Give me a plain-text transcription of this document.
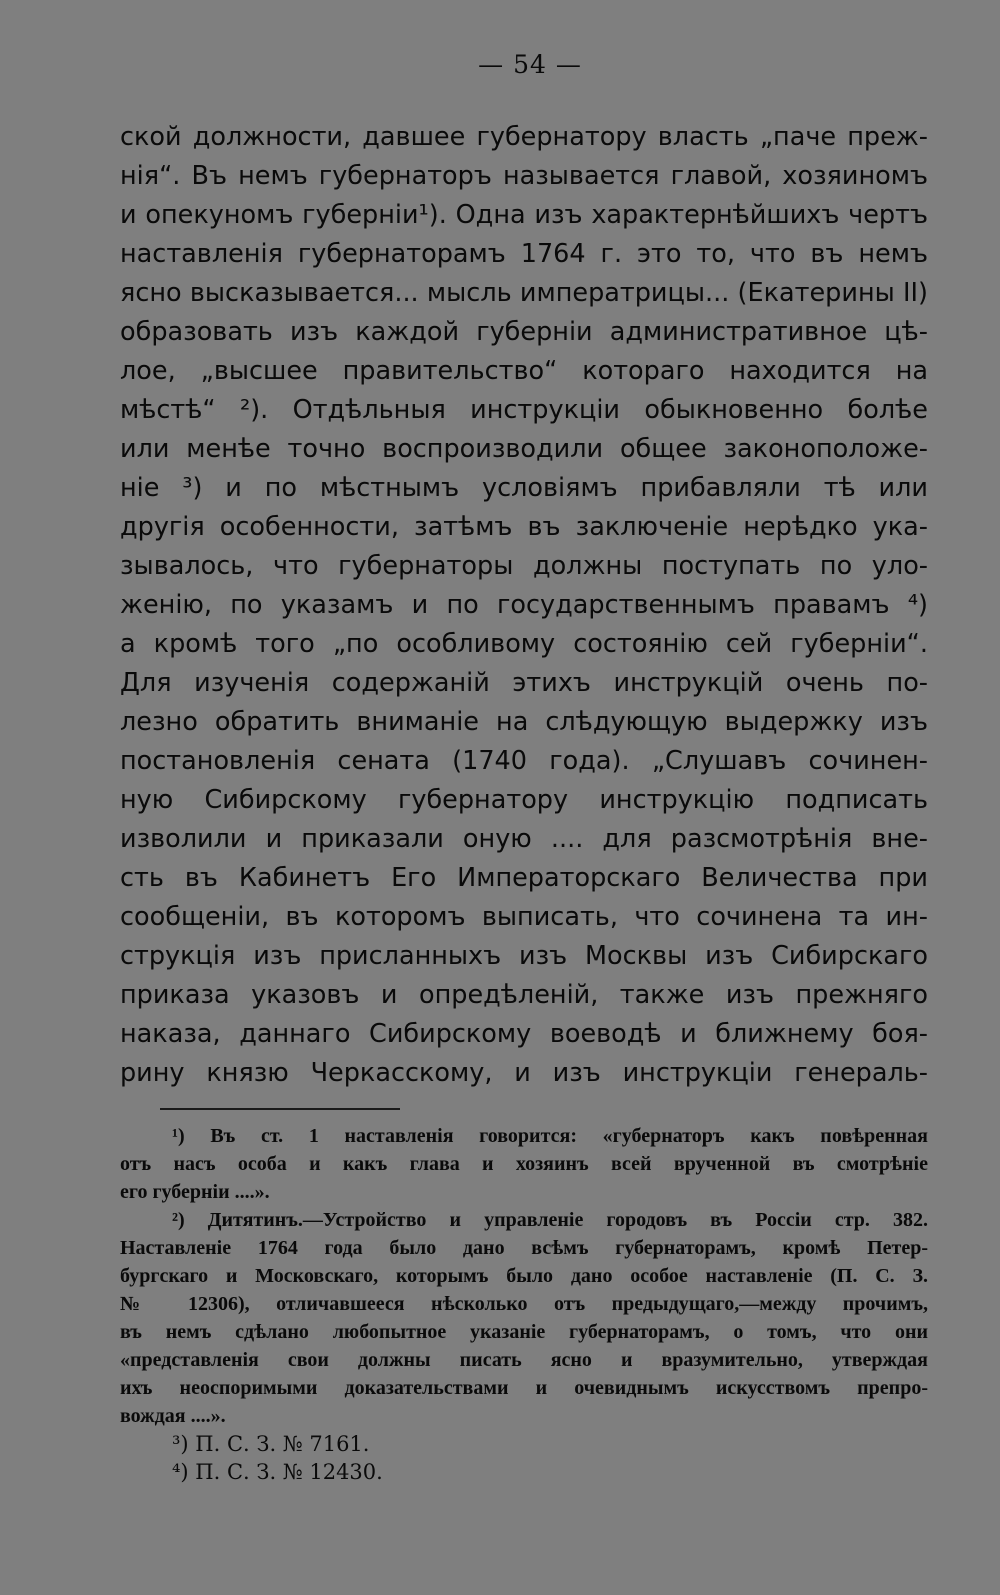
— 54 —
ской должности, давшее губернатору власть „паче преж-
нія“. Въ немъ губернаторъ называется главой, хозяиномъ
и опекуномъ губерніи¹). Одна изъ характернѣйшихъ чертъ
наставленія губернаторамъ 1764 г. это то, что въ немъ
ясно высказывается... мысль императрицы... (Екатерины II)
образовать изъ каждой губерніи административное цѣ-
лое, „высшее правительство“ котораго находится на
мѣстѣ“ ²). Отдѣльныя инструкціи обыкновенно болѣе
или менѣе точно воспроизводили общее законоположе-
ніе ³) и по мѣстнымъ условіямъ прибавляли тѣ или
другія особенности, затѣмъ въ заключеніе нерѣдко ука-
зывалось, что губернаторы должны поступать по уло-
женію, по указамъ и по государственнымъ правамъ ⁴)
а кромѣ того „по особливому состоянію сей губерніи“.
Для изученія содержаній этихъ инструкцій очень по-
лезно обратить вниманіе на слѣдующую выдержку изъ
постановленія сената (1740 года). „Слушавъ сочинен-
ную Сибирскому губернатору инструкцію подписать
изволили и приказали оную .... для разсмотрѣнія вне-
сть въ Кабинетъ Его Императорскаго Величества при
сообщеніи, въ которомъ выписать, что сочинена та ин-
струкція изъ присланныхъ изъ Москвы изъ Сибирскаго
приказа указовъ и опредѣленій, также изъ прежняго
наказа, даннаго Сибирскому воеводѣ и ближнему боя-
рину князю Черкасскому, и изъ инструкціи генераль-
¹) Въ ст. 1 наставленія говорится: «губернаторъ какъ повѣренная
отъ насъ особа и какъ глава и хозяинъ всей врученной въ смотрѣніе
его губерніи ....».
²) Дитятинъ.—Устройство и управленіе городовъ въ Россіи стр. 382.
Наставленіе 1764 года было дано всѣмъ губернаторамъ, кромѣ Петер-
бургскаго и Московскаго, которымъ было дано особое наставленіе (П. С. З.
№ 12306), отличавшееся нѣсколько отъ предыдущаго,—между прочимъ,
въ немъ сдѣлано любопытное указаніе губернаторамъ, о томъ, что они
«представленія свои должны писать ясно и вразумительно, утверждая
ихъ неоспоримыми доказательствами и очевиднымъ искусствомъ препро-
вождая ....».
³) П. С. З. № 7161.
⁴) П. С. З. № 12430.
